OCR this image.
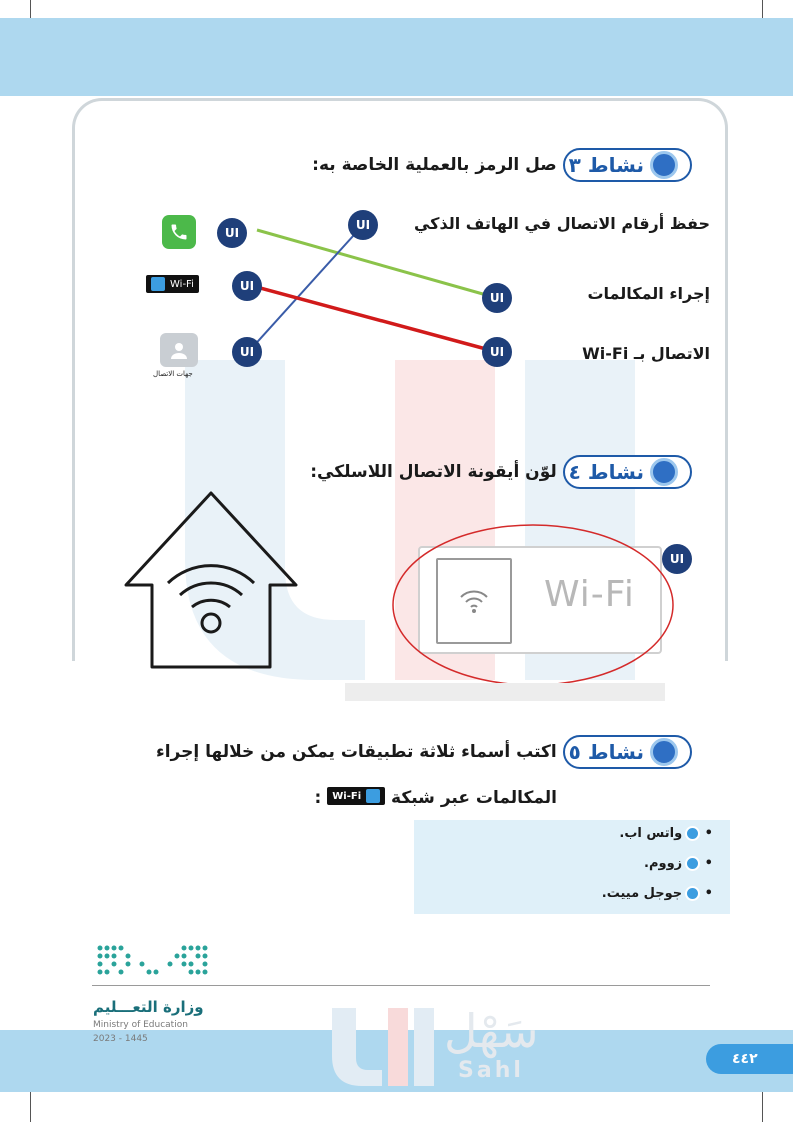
نشاط ٣
صل الرمز بالعملية الخاصة به:
حفظ أرقام الاتصال في الهاتف الذكي
إجراء المكالمات
الاتصال بـ Wi-Fi
UI
UI
UI
UI
UI
UI
Wi-Fi
جهات الاتصال
نشاط ٤
لوّن أيقونة الاتصال اللاسلكي:
Wi-Fi
UI
نشاط ٥
اكتب أسماء ثلاثة تطبيقات يمكن من خلالها إجراء
المكالمات عبر شبكة
Wi-Fi
:
• واتس اب.
• زووم.
• جوجل مييت.
وزارة التعـــليم
Ministry of Education
2023 - 1445	سَهْل
Sahl	٤٤٢
